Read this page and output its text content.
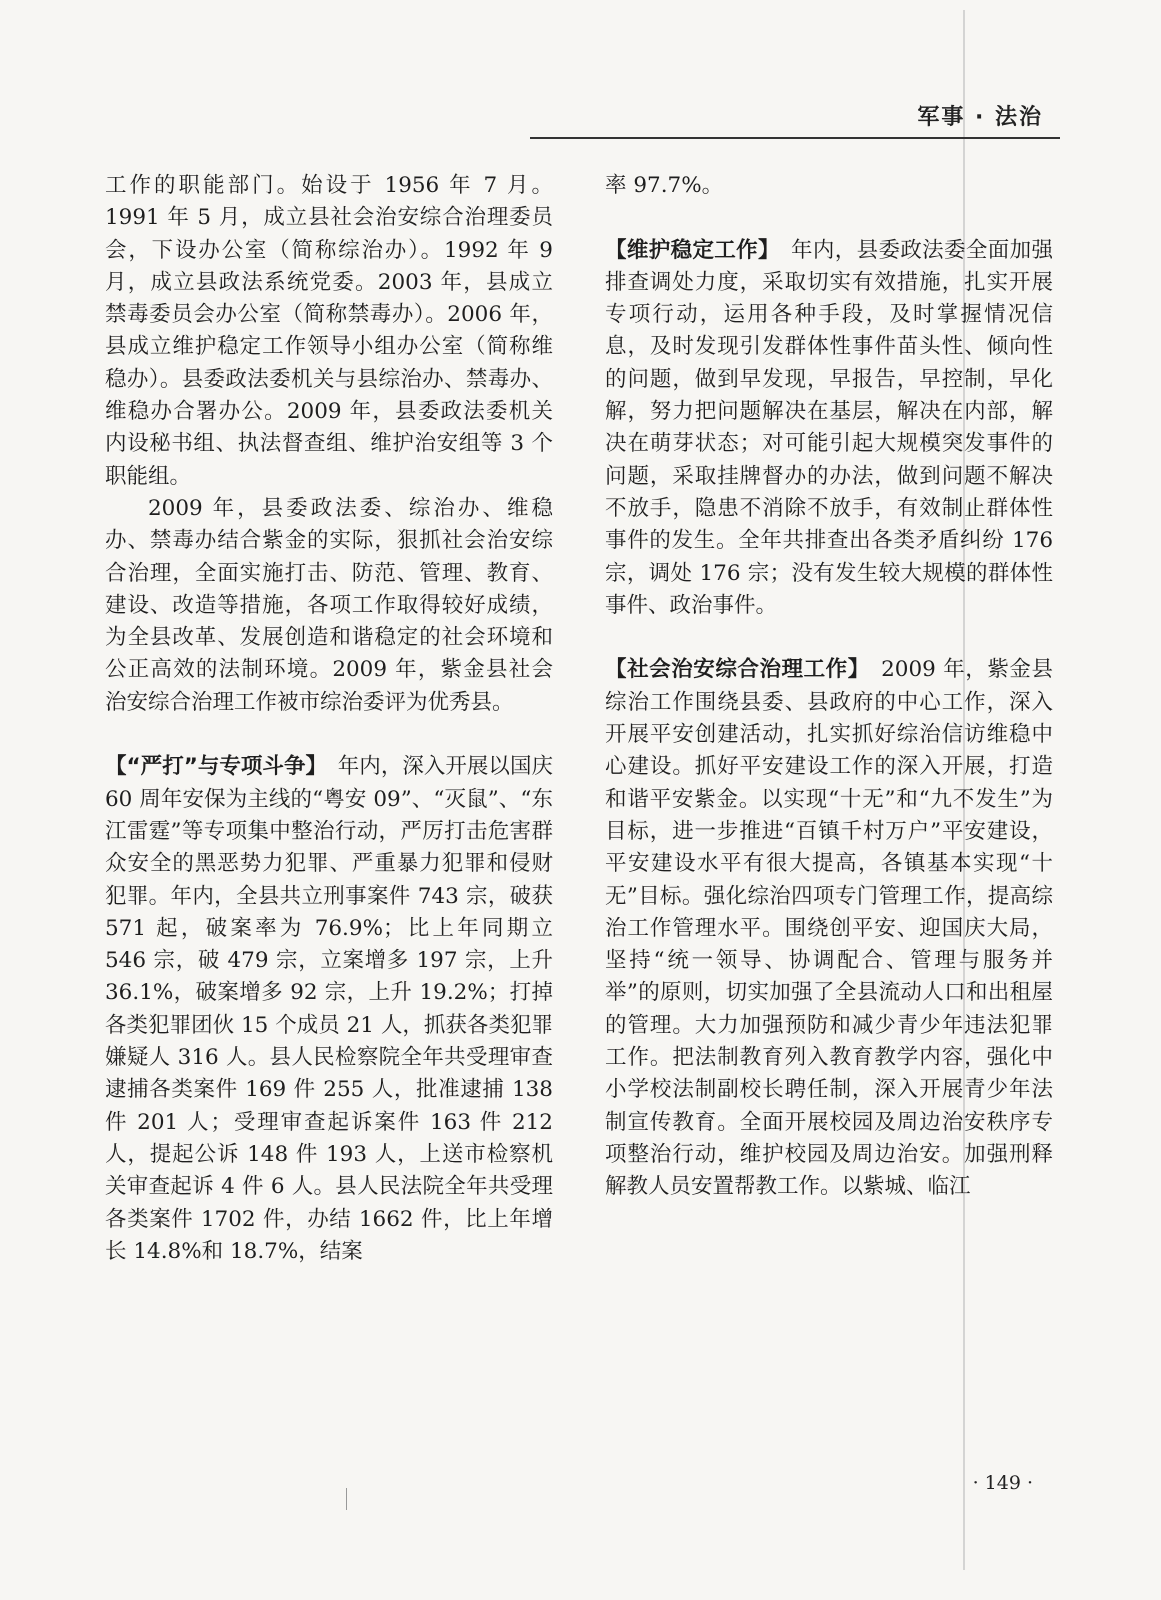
军事 · 法治

工作的职能部门。始设于 1956 年 7 月。1991 年 5 月，成立县社会治安综合治理委员会，下设办公室（简称综治办）。1992 年 9 月，成立县政法系统党委。2003 年，县成立禁毒委员会办公室（简称禁毒办）。2006 年，县成立维护稳定工作领导小组办公室（简称维稳办）。县委政法委机关与县综治办、禁毒办、维稳办合署办公。2009 年，县委政法委机关内设秘书组、执法督查组、维护治安组等 3 个职能组。

2009 年，县委政法委、综治办、维稳办、禁毒办结合紫金的实际，狠抓社会治安综合治理，全面实施打击、防范、管理、教育、建设、改造等措施，各项工作取得较好成绩，为全县改革、发展创造和谐稳定的社会环境和公正高效的法制环境。2009 年，紫金县社会治安综合治理工作被市综治委评为优秀县。

【“严打”与专项斗争】　 年内，深入开展以国庆 60 周年安保为主线的“粤安 09”、“灭鼠”、“东江雷霆”等专项集中整治行动，严厉打击危害群众安全的黑恶势力犯罪、严重暴力犯罪和侵财犯罪。年内，全县共立刑事案件 743 宗，破获 571 起，破案率为 76.9%；比上年同期立 546 宗，破 479 宗，立案增多 197 宗，上升 36.1%，破案增多 92 宗，上升 19.2%；打掉各类犯罪团伙 15 个成员 21 人，抓获各类犯罪嫌疑人 316 人。县人民检察院全年共受理审查逮捕各类案件 169 件 255 人，批准逮捕 138 件 201 人；受理审查起诉案件 163 件 212 人，提起公诉 148 件 193 人，上送市检察机关审查起诉 4 件 6 人。县人民法院全年共受理各类案件 1702 件，办结 1662 件，比上年增长 14.8%和 18.7%，结案

率 97.7%。

【维护稳定工作】　 年内，县委政法委全面加强排查调处力度，采取切实有效措施，扎实开展专项行动，运用各种手段，及时掌握情况信息，及时发现引发群体性事件苗头性、倾向性的问题，做到早发现，早报告，早控制，早化解，努力把问题解决在基层，解决在内部，解决在萌芽状态；对可能引起大规模突发事件的问题，采取挂牌督办的办法，做到问题不解决不放手，隐患不消除不放手，有效制止群体性事件的发生。全年共排查出各类矛盾纠纷 176 宗，调处 176 宗；没有发生较大规模的群体性事件、政治事件。

【社会治安综合治理工作】　 2009 年，紫金县综治工作围绕县委、县政府的中心工作，深入开展平安创建活动，扎实抓好综治信访维稳中心建设。抓好平安建设工作的深入开展，打造和谐平安紫金。以实现“十无”和“九不发生”为目标，进一步推进“百镇千村万户”平安建设，平安建设水平有很大提高，各镇基本实现“十无”目标。强化综治四项专门管理工作，提高综治工作管理水平。围绕创平安、迎国庆大局，坚持“统一领导、协调配合、管理与服务并举”的原则，切实加强了全县流动人口和出租屋的管理。大力加强预防和减少青少年违法犯罪工作。把法制教育列入教育教学内容，强化中小学校法制副校长聘任制，深入开展青少年法制宣传教育。全面开展校园及周边治安秩序专项整治行动，维护校园及周边治安。加强刑释解教人员安置帮教工作。以紫城、临江

· 149 ·
